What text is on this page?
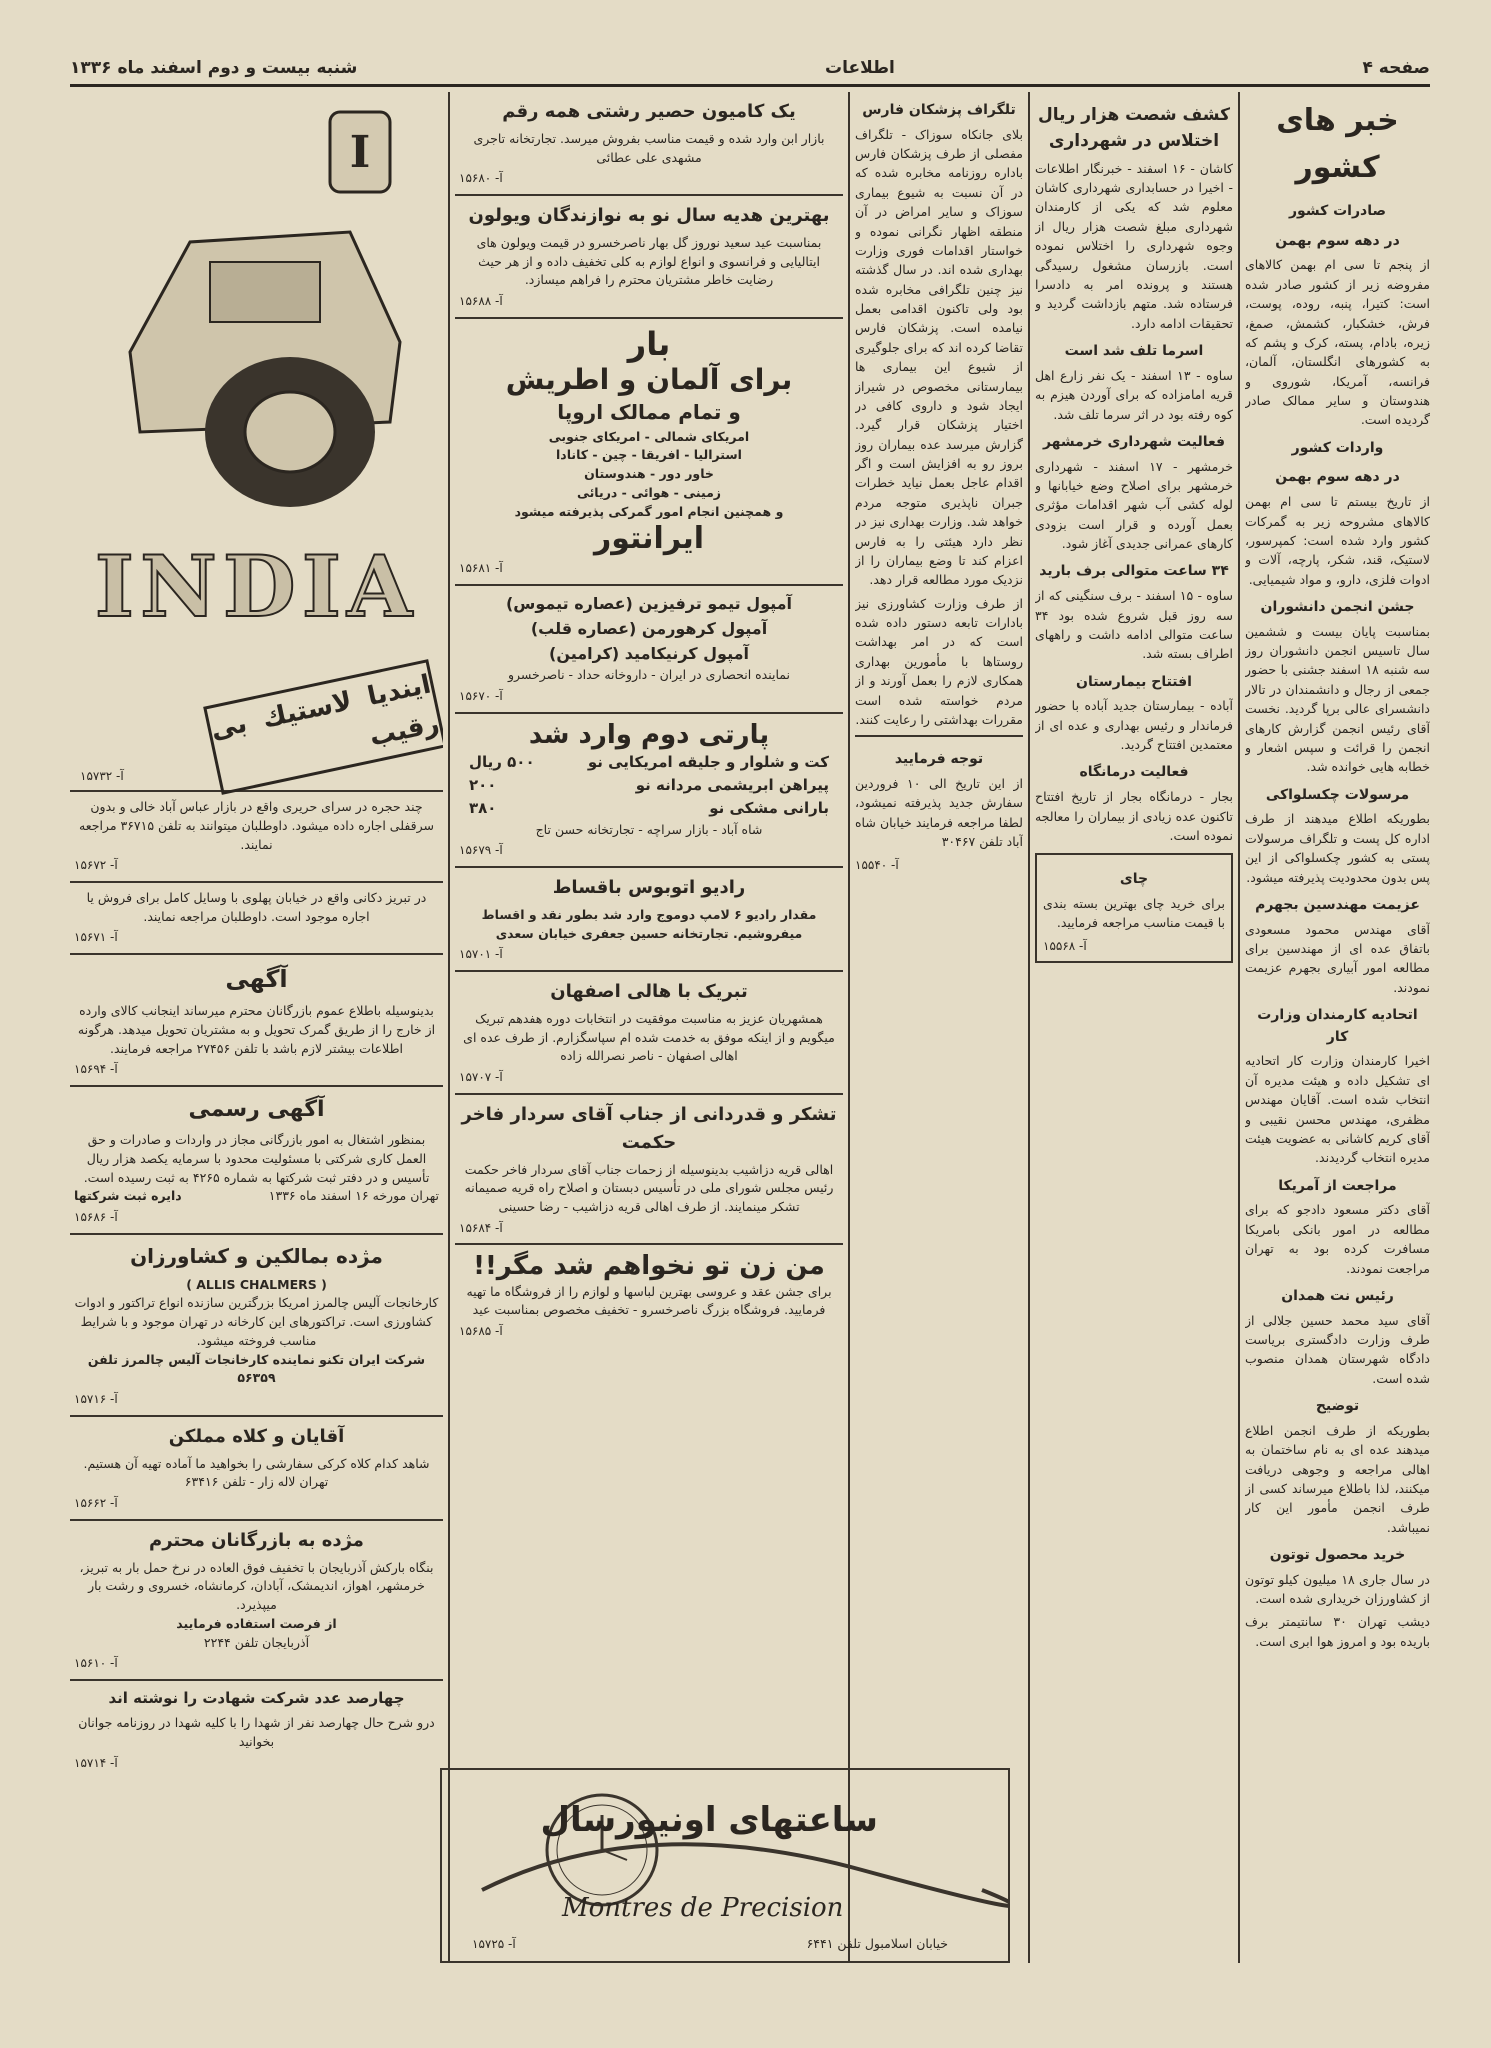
صفحه ۴
اطلاعات
شنبه بیست و دوم اسفند ماه ۱۳۳۶
خبر های کشور
صادرات کشور
در دهه سوم بهمن

از پنجم تا سی ام بهمن کالاهای مفروضه زیر از کشور صادر شده است: کتیرا، پنبه، روده، پوست، فرش، خشکبار، کشمش، صمغ، زیره، بادام، پسته، کرک و پشم که به کشورهای انگلستان، آلمان، فرانسه، آمریکا، شوروی و هندوستان و سایر ممالک صادر گردیده است.

واردات کشور
در دهه سوم بهمن

از تاریخ بیستم تا سی ام بهمن کالاهای مشروحه زیر به گمرکات کشور وارد شده است: کمپرسور، لاستیک، قند، شکر، پارچه، آلات و ادوات فلزی، دارو، و مواد شیمیایی.

جشن انجمن دانشوران

بمناسبت پایان بیست و ششمین سال تاسیس انجمن دانشوران روز سه شنبه ۱۸ اسفند جشنی با حضور جمعی از رجال و دانشمندان در تالار دانشسرای عالی برپا گردید. نخست آقای رئیس انجمن گزارش کارهای انجمن را قرائت و سپس اشعار و خطابه هایی خوانده شد.

مرسولات چکسلواکی

بطوریکه اطلاع میدهند از طرف اداره کل پست و تلگراف مرسولات پستی به کشور چکسلواکی از این پس بدون محدودیت پذیرفته میشود.

عزیمت مهندسین بجهرم

آقای مهندس محمود مسعودی باتفاق عده ای از مهندسین برای مطالعه امور آبیاری بجهرم عزیمت نمودند.

اتحادیه کارمندان وزارت کار

اخیرا کارمندان وزارت کار اتحادیه ای تشکیل داده و هیئت مدیره آن انتخاب شده است. آقایان مهندس مظفری، مهندس محسن نقیبی و آقای کریم کاشانی به عضویت هیئت مدیره انتخاب گردیدند.

مراجعت از آمریکا

آقای دکتر مسعود دادجو که برای مطالعه در امور بانکی بامریکا مسافرت کرده بود به تهران مراجعت نمودند.

رئیس نت همدان

آقای سید محمد حسین جلالی از طرف وزارت دادگستری بریاست دادگاه شهرستان همدان منصوب شده است.

توضیح

بطوریکه از طرف انجمن اطلاع میدهند عده ای به نام ساختمان به اهالی مراجعه و وجوهی دریافت میکنند، لذا باطلاع میرساند کسی از طرف انجمن مأمور این کار نمیباشد.

خرید محصول توتون

در سال جاری ۱۸ میلیون کیلو توتون از کشاورزان خریداری شده است.

دیشب تهران ۳۰ سانتیمتر برف باریده بود و امروز هوا ابری است.

کشف شصت هزار ریال اختلاس در شهرداری

کاشان - ۱۶ اسفند - خبرنگار اطلاعات - اخیرا در حسابداری شهرداری کاشان معلوم شد که یکی از کارمندان شهرداری مبلغ شصت هزار ریال از وجوه شهرداری را اختلاس نموده است. بازرسان مشغول رسیدگی هستند و پرونده امر به دادسرا فرستاده شد. متهم بازداشت گردید و تحقیقات ادامه دارد.

اسرما تلف شد است

ساوه - ۱۳ اسفند - یک نفر زارع اهل قریه امامزاده که برای آوردن هیزم به کوه رفته بود در اثر سرما تلف شد.

فعالیت شهرداری خرمشهر

خرمشهر - ۱۷ اسفند - شهرداری خرمشهر برای اصلاح وضع خیابانها و لوله کشی آب شهر اقدامات مؤثری بعمل آورده و قرار است بزودی کارهای عمرانی جدیدی آغاز شود.

۳۴ ساعت متوالی برف بارید

ساوه - ۱۵ اسفند - برف سنگینی که از سه روز قبل شروع شده بود ۳۴ ساعت متوالی ادامه داشت و راههای اطراف بسته شد.

افتتاح بیمارستان

آباده - بیمارستان جدید آباده با حضور فرماندار و رئیس بهداری و عده ای از معتمدین افتتاح گردید.

فعالیت درمانگاه

بجار - درمانگاه بجار از تاریخ افتتاح تاکنون عده زیادی از بیماران را معالجه نموده است.

چای

برای خرید چای بهترین بسته بندی با قیمت مناسب مراجعه فرمایید.

آ- ۱۵۵۶۸
تلگراف پزشکان فارس

بلای جانکاه سوزاک - تلگراف مفصلی از طرف پزشکان فارس باداره روزنامه مخابره شده که در آن نسبت به شیوع بیماری سوزاک و سایر امراض در آن منطقه اظهار نگرانی نموده و خواستار اقدامات فوری وزارت بهداری شده اند. در سال گذشته نیز چنین تلگرافی مخابره شده بود ولی تاکنون اقدامی بعمل نیامده است. پزشکان فارس تقاضا کرده اند که برای جلوگیری از شیوع این بیماری ها بیمارستانی مخصوص در شیراز ایجاد شود و داروی کافی در اختیار پزشکان قرار گیرد. گزارش میرسد عده بیماران روز بروز رو به افزایش است و اگر اقدام عاجل بعمل نیاید خطرات جبران ناپذیری متوجه مردم خواهد شد. وزارت بهداری نیز در نظر دارد هیئتی را به فارس اعزام کند تا وضع بیماران را از نزدیک مورد مطالعه قرار دهد.

از طرف وزارت کشاورزی نیز بادارات تابعه دستور داده شده است که در امر بهداشت روستاها با مأمورین بهداری همکاری لازم را بعمل آورند و از مردم خواسته شده است مقررات بهداشتی را رعایت کنند.

توجه فرمایید

از این تاریخ الی ۱۰ فروردین سفارش جدید پذیرفته نمیشود، لطفا مراجعه فرمایند خیابان شاه آباد تلفن ۳۰۴۶۷

آ- ۱۵۵۴۰
یک کامیون حصیر رشتی همه رقم
بازار ابن وارد شده و قیمت مناسب بفروش میرسد. تجارتخانه تاجری مشهدی علی عطائی
آ- ۱۵۶۸۰
بهترین هدیه سال نو به نوازندگان ویولون
بمناسبت عید سعید نوروز گل بهار ناصرخسرو در قیمت ویولون های ایتالیایی و فرانسوی و انواع لوازم به کلی تخفیف داده و از هر حیث رضایت خاطر مشتریان محترم را فراهم میسازد.
آ- ۱۵۶۸۸
بار
برای آلمان و اطریش
و تمام ممالک اروپا
امریکای شمالی - امریکای جنوبی
استرالیا - افریقا - چین - کانادا
خاور دور - هندوستان
زمینی - هوائی - دریائی
و همچنین انجام امور گمرکی پذیرفته میشود
ایرانتور
آ- ۱۵۶۸۱
آمپول تیمو ترفیزین (عصاره تیموس)
آمپول کرهورمن (عصاره قلب)
آمپول کرنیکامید (کرامین)
نماینده انحصاری در ایران - داروخانه حداد - ناصرخسرو
آ- ۱۵۶۷۰
پارتی دوم وارد شد
کت و شلوار و جلیقه امریکایی نو
۵۰۰ ریال
پیراهن ابریشمی مردانه نو
۲۰۰
بارانی مشکی نو
۳۸۰
شاه آباد - بازار سراچه - تجارتخانه حسن تاج
آ- ۱۵۶۷۹
رادیو اتوبوس باقساط
مقدار رادیو ۶ لامپ دوموج وارد شد بطور نقد و اقساط میفروشیم. تجارتخانه حسین جعفری خیابان سعدی
آ- ۱۵۷۰۱
تبریک با هالی اصفهان
همشهریان عزیز به مناسبت موفقیت در انتخابات دوره هفدهم تبریک میگویم و از اینکه موفق به خدمت شده ام سپاسگزارم. از طرف عده ای اهالی اصفهان - ناصر نصرالله زاده
آ- ۱۵۷۰۷
تشکر و قدردانی از جناب آقای سردار فاخر حکمت
اهالی قریه دزاشیب بدینوسیله از زحمات جناب آقای سردار فاخر حکمت رئیس مجلس شورای ملی در تأسیس دبستان و اصلاح راه قریه صمیمانه تشکر مینمایند. از طرف اهالی قریه دزاشیب - رضا حسینی
آ- ۱۵۶۸۴
من زن تو نخواهم شد مگر!!
برای جشن عقد و عروسی بهترین لباسها و لوازم را از فروشگاه ما تهیه فرمایید. فروشگاه بزرگ ناصرخسرو - تخفیف مخصوص بمناسبت عید
آ- ۱۵۶۸۵
ساعتهای اونیورسال
Montres de Precision
خیابان اسلامبول تلفن ۶۴۴۱
آ- ۱۵۷۲۵
I
INDIA
اینديا لاستيك بی رقیب
آ- ۱۵۷۳۲
چند حجره در سرای حریری واقع در بازار عباس آباد خالی و بدون سرقفلی اجاره داده میشود. داوطلبان میتوانند به تلفن ۳۶۷۱۵ مراجعه نمایند.
آ- ۱۵۶۷۲
در تبریز دکانی واقع در خیابان پهلوی با وسایل کامل برای فروش یا اجاره موجود است. داوطلبان مراجعه نمایند.
آ- ۱۵۶۷۱
آگهی
بدینوسیله باطلاع عموم بازرگانان محترم میرساند اینجانب کالای وارده از خارج را از طریق گمرک تحویل و به مشتریان تحویل میدهد. هرگونه اطلاعات بیشتر لازم باشد با تلفن ۲۷۴۵۶ مراجعه فرمایند.
آ- ۱۵۶۹۴
آگهی رسمی
بمنظور اشتغال به امور بازرگانی مجاز در واردات و صادرات و حق العمل کاری شرکتی با مسئولیت محدود با سرمایه یکصد هزار ریال تأسیس و در دفتر ثبت شرکتها به شماره ۴۲۶۵ به ثبت رسیده است.
تهران مورخه ۱۶ اسفند ماه ۱۳۳۶
دایره ثبت شرکتها
آ- ۱۵۶۸۶
مژده بمالکین و کشاورزان
( ALLIS CHALMERS )
کارخانجات آلیس چالمرز امریکا بزرگترین سازنده انواع تراکتور و ادوات کشاورزی است. تراکتورهای این کارخانه در تهران موجود و با شرایط مناسب فروخته میشود.
شرکت ایران تکنو نماینده کارخانجات آلیس چالمرز تلفن ۵۶۳۵۹
آ- ۱۵۷۱۶
آقایان و کلاه مملکن
شاهد کدام کلاه کرکی سفارشی را بخواهید ما آماده تهیه آن هستیم. تهران لاله زار - تلفن ۶۳۴۱۶
آ- ۱۵۶۶۲
مژده به بازرگانان محترم
بنگاه بارکش آذربایجان با تخفیف فوق العاده در نرخ حمل بار به تبریز، خرمشهر، اهواز، اندیمشک، آبادان، کرمانشاه، خسروی و رشت بار میپذیرد.
از فرصت استفاده فرمایید
آذربایجان تلفن ۲۲۴۴
آ- ۱۵۶۱۰
چهارصد عدد شرکت شهادت را نوشته اند
درو شرح حال چهارصد نفر از شهدا را با کلیه شهدا در روزنامه جوانان بخوانید
آ- ۱۵۷۱۴
